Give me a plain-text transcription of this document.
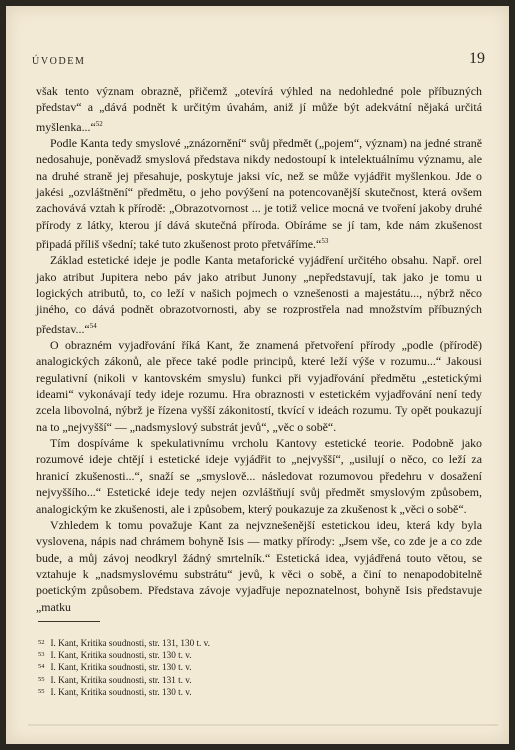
ÚVODEM	19

však tento význam obrazně, přičemž „otevírá výhled na nedohledné pole příbuzných představ“ a „dává podnět k určitým úvahám, aniž jí může být adekvátní nějaká určitá myšlenka...“$^{52}$

Podle Kanta tedy smyslové „znázornění“ svůj předmět („pojem“, význam) na jedné straně nedosahuje, poněvadž smyslová představa nikdy nedostoupí k intelektuálnímu významu, ale na druhé straně jej přesahuje, poskytuje jaksi víc, než se může vyjádřit myšlenkou. Jde o jakési „ozvláštnění“ předmětu, o jeho povýšení na potencovanější skutečnost, která ovšem zachovává vztah k přírodě: „Obrazotvornost ... je totiž velice mocná ve tvoření jakoby druhé přírody z látky, kterou jí dává skutečná příroda. Obíráme se jí tam, kde nám zkušenost připadá příliš všední; také tuto zkušenost proto přetváříme.“$^{53}$

Základ estetické ideje je podle Kanta metaforické vyjádření určitého obsahu. Např. orel jako atribut Jupitera nebo páv jako atribut Junony „nepředstavují, tak jako je tomu u logických atributů, to, co leží v našich pojmech o vznešenosti a majestátu..., nýbrž něco jiného, co dává podnět obrazotvornosti, aby se rozprostřela nad množstvím příbuzných představ...“$^{54}$

O obrazném vyjadřování říká Kant, že znamená přetvoření přírody „podle (přírodě) analogických zákonů, ale přece také podle principů, které leží výše v rozumu...“ Jakousi regulativní (nikoli v kantovském smyslu) funkci při vyjadřování předmětu „estetickými ideami“ vykonávají tedy ideje rozumu. Hra obraznosti v estetickém vyjadřování není tedy zcela libovolná, nýbrž je řízena vyšší zákonitostí, tkvící v ideách rozumu. Ty opět poukazují na to „nejvyšší“ — „nadsmyslový substrát jevů“, „věc o sobě“.

Tím dospíváme k spekulativnímu vrcholu Kantovy estetické teorie. Podobně jako rozumové ideje chtějí i estetické ideje vyjádřit to „nejvyšší“, „usilují o něco, co leží za hranicí zkušenosti...“, snaží se „smyslově... následovat rozumovou předehru v dosažení nejvyššího...“ Estetické ideje tedy nejen ozvláštňují svůj předmět smyslovým způsobem, analogickým ke zkušenosti, ale i způsobem, který poukazuje za zkušenost k „věci o sobě“.

Vzhledem k tomu považuje Kant za nejvznešenější estetickou ideu, která kdy byla vyslovena, nápis nad chrámem bohyně Isis — matky přírody: „Jsem vše, co zde je a co zde bude, a můj závoj neodkryl žádný smrtelník.“ Estetická idea, vyjádřená touto větou, se vztahuje k „nadsmyslovému substrátu“ jevů, k věci o sobě, a činí to nenapodobitelně poetickým způsobem. Představa závoje vyjadřuje nepoznatelnost, bohyně Isis představuje „matku

$^{52}$ I. Kant, Kritika soudnosti, str. 131, 130 t. v.
$^{53}$ I. Kant, Kritika soudnosti, str. 130 t. v.
$^{54}$ I. Kant, Kritika soudnosti, str. 130 t. v.
$^{55}$ I. Kant, Kritika soudnosti, str. 131 t. v.
$^{55}$ I. Kant, Kritika soudnosti, str. 130 t. v.
